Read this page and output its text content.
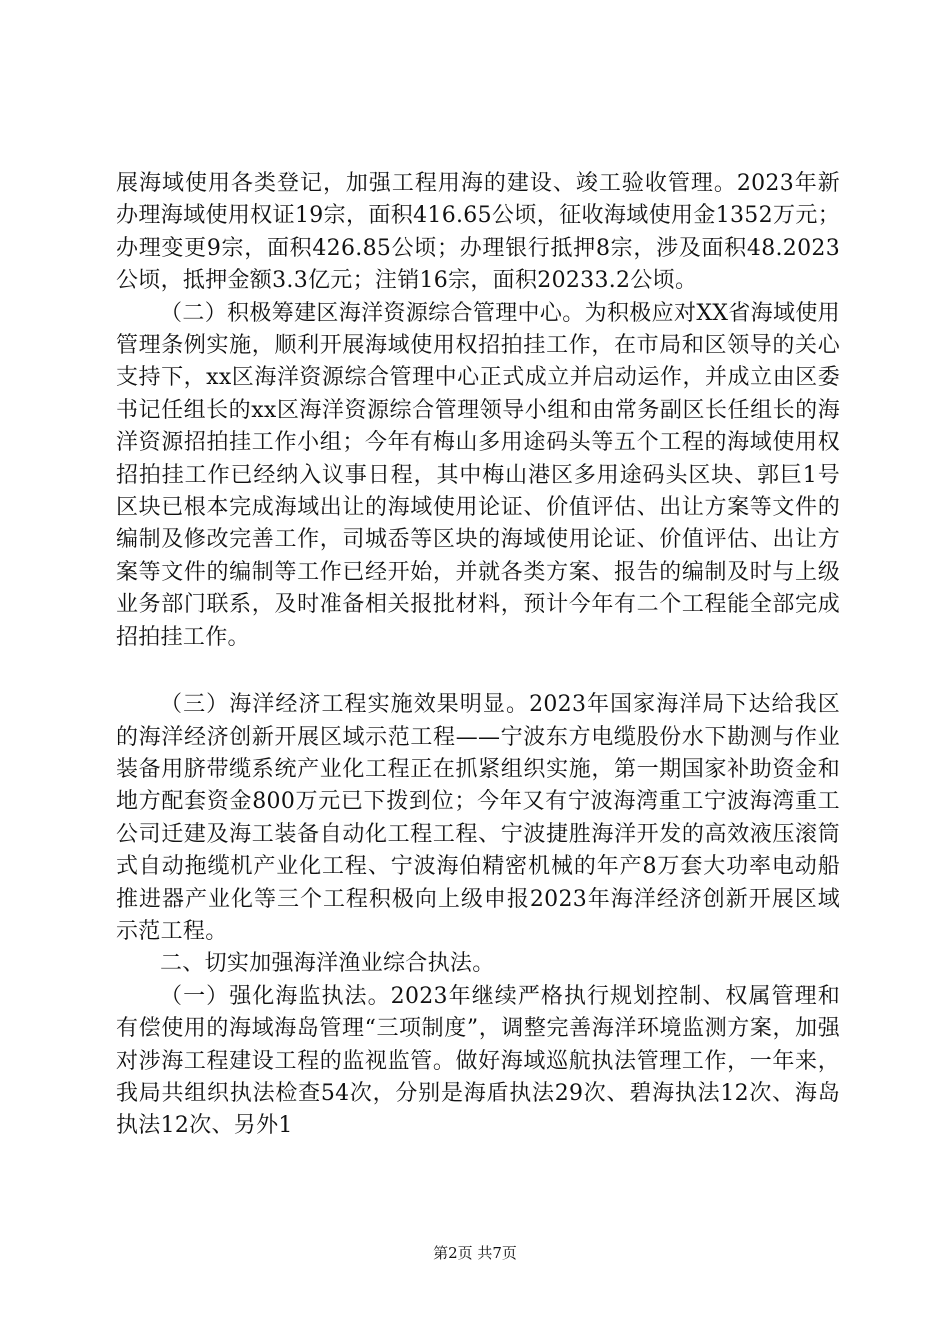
展海域使用各类登记，加强工程用海的建设、竣工验收管理。2023年新办理海域使用权证19宗，面积416.65公顷，征收海域使用金1352万元；办理变更9宗，面积426.85公顷；办理银行抵押8宗，涉及面积48.2023公顷，抵押金额3.3亿元；注销16宗，面积20233.2公顷。

（二）积极筹建区海洋资源综合管理中心。为积极应对XX省海域使用管理条例实施，顺利开展海域使用权招拍挂工作，在市局和区领导的关心支持下，xx区海洋资源综合管理中心正式成立并启动运作，并成立由区委书记任组长的xx区海洋资源综合管理领导小组和由常务副区长任组长的海洋资源招拍挂工作小组；今年有梅山多用途码头等五个工程的海域使用权招拍挂工作已经纳入议事日程，其中梅山港区多用途码头区块、郭巨1号区块已根本完成海域出让的海域使用论证、价值评估、出让方案等文件的编制及修改完善工作，司城岙等区块的海域使用论证、价值评估、出让方案等文件的编制等工作已经开始，并就各类方案、报告的编制及时与上级业务部门联系，及时准备相关报批材料，预计今年有二个工程能全部完成招拍挂工作。

（三）海洋经济工程实施效果明显。2023年国家海洋局下达给我区的海洋经济创新开展区域示范工程——宁波东方电缆股份水下勘测与作业装备用脐带缆系统产业化工程正在抓紧组织实施，第一期国家补助资金和地方配套资金800万元已下拨到位；今年又有宁波海湾重工宁波海湾重工公司迁建及海工装备自动化工程工程、宁波捷胜海洋开发的高效液压滚筒式自动拖缆机产业化工程、宁波海伯精密机械的年产8万套大功率电动船推进器产业化等三个工程积极向上级申报2023年海洋经济创新开展区域示范工程。

二、切实加强海洋渔业综合执法。

（一）强化海监执法。2023年继续严格执行规划控制、权属管理和有偿使用的海域海岛管理“三项制度”，调整完善海洋环境监测方案，加强对涉海工程建设工程的监视监管。做好海域巡航执法管理工作，一年来，我局共组织执法检查54次，分别是海盾执法29次、碧海执法12次、海岛执法12次、另外1

第2页 共7页
